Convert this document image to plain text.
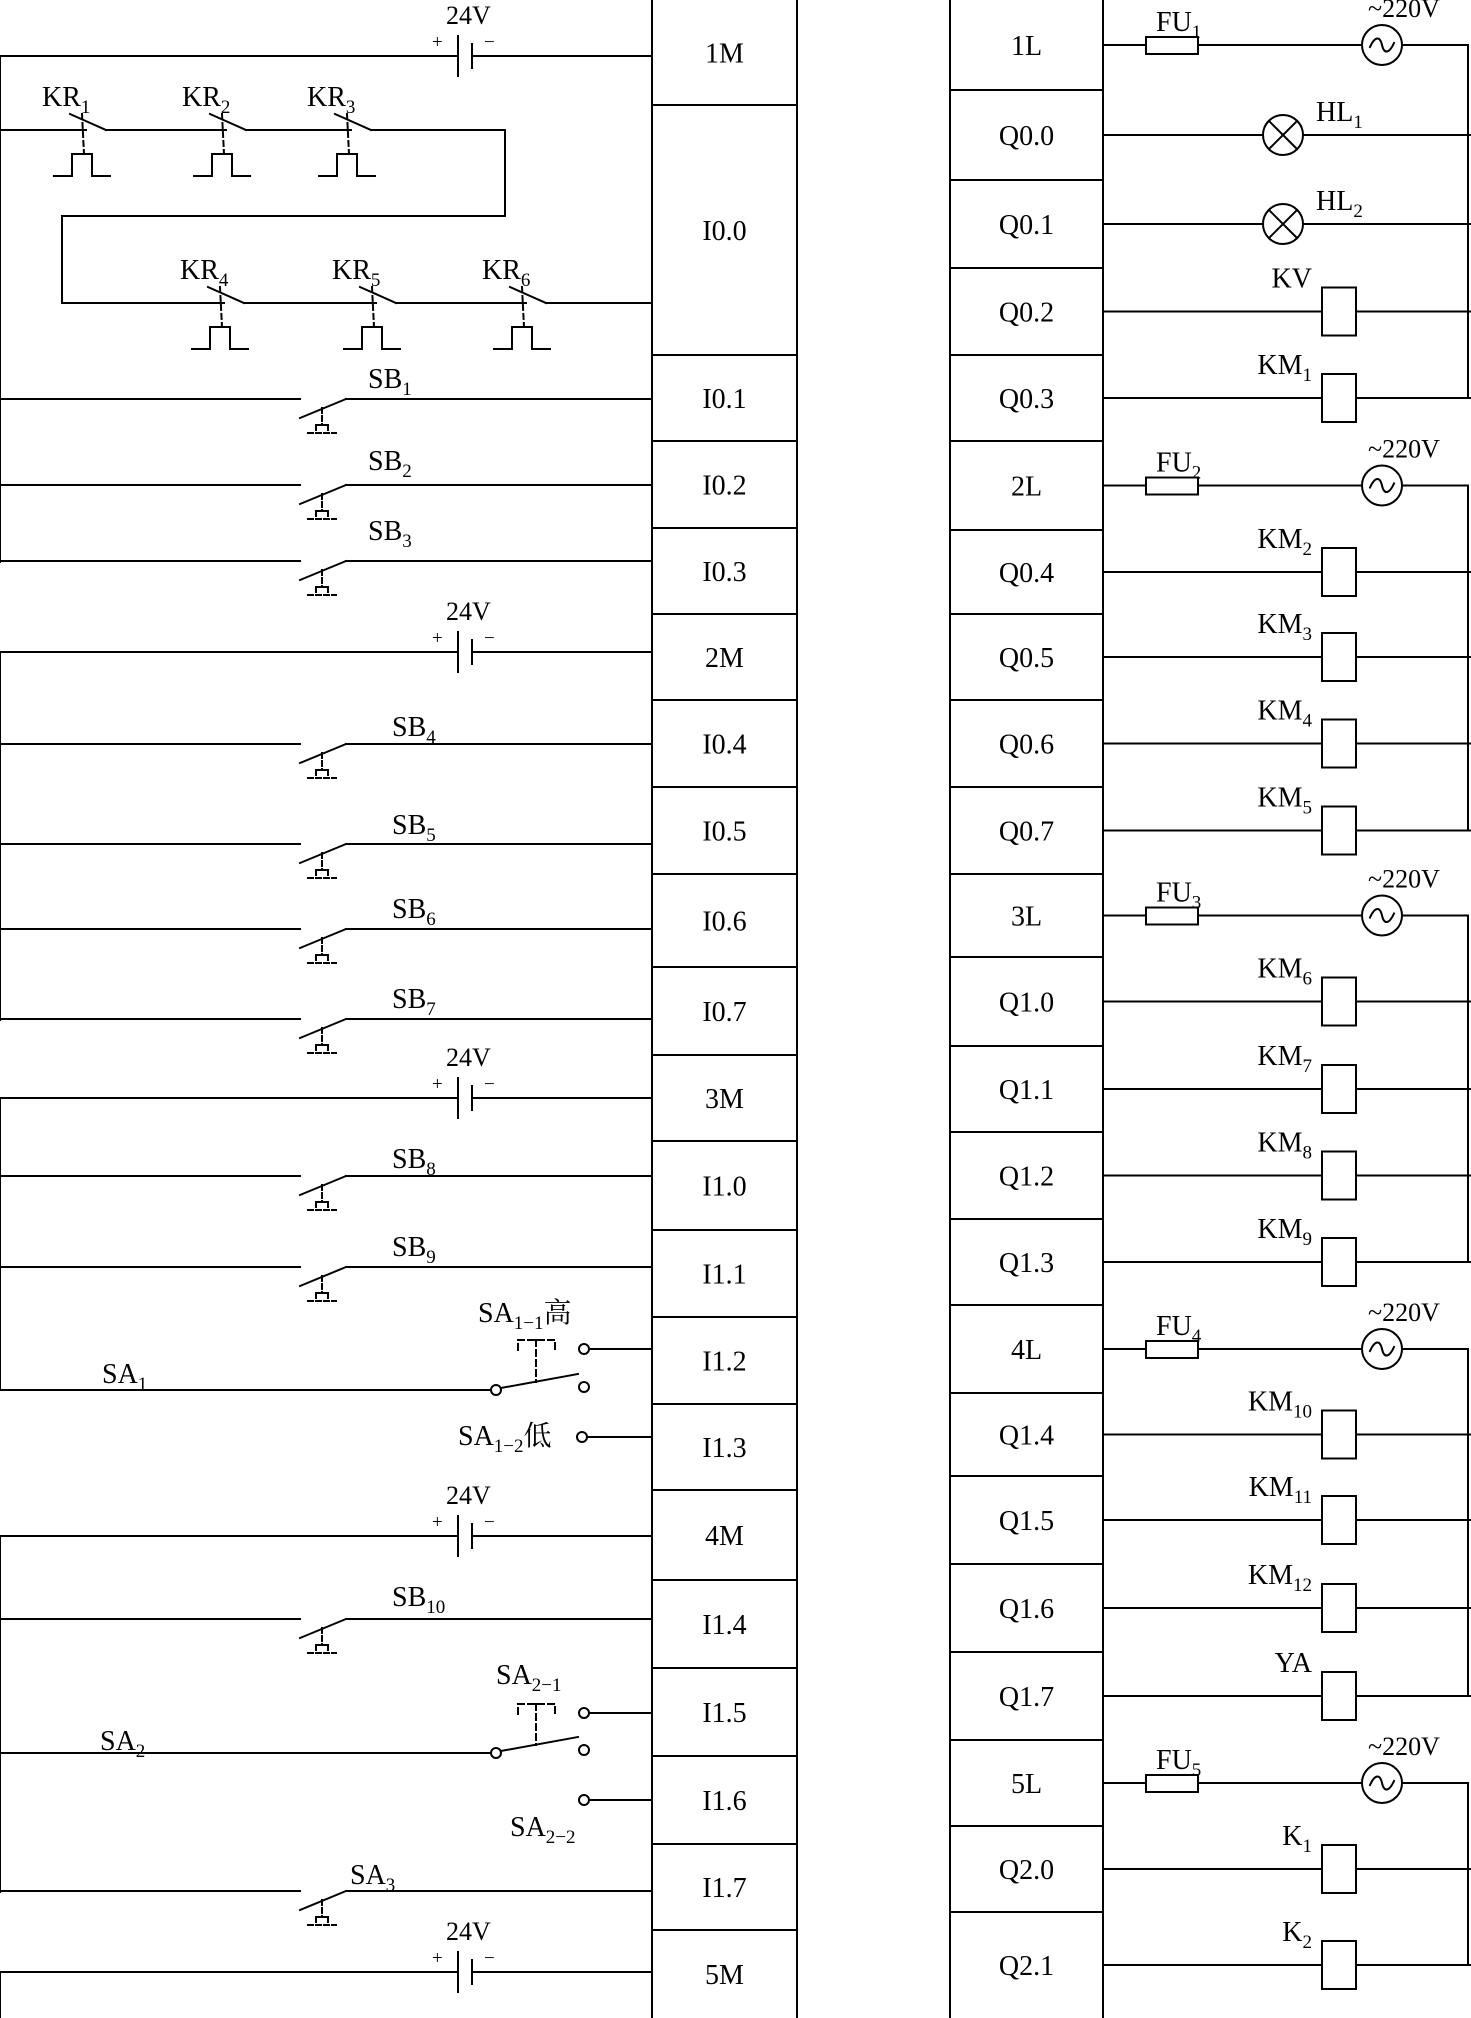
1M
I0.0
I0.1
I0.2
I0.3
2M
I0.4
I0.5
I0.6
I0.7
3M
I1.0
I1.1
I1.2
I1.3
4M
I1.4
I1.5
I1.6
I1.7
5M
1L
Q0.0
Q0.1
Q0.2
Q0.3
2L
Q0.4
Q0.5
Q0.6
Q0.7
3L
Q1.0
Q1.1
Q1.2
Q1.3
4L
Q1.4
Q1.5
Q1.6
Q1.7
5L
Q2.0
Q2.1
24V
+ −
$KR_1$	$KR_2$	$KR_3$
$KR_4$	$KR_5$	$KR_6$
$SB_1$
$SB_2$
$SB_3$
24V
+ −
$SB_4$
$SB_5$
$SB_6$
$SB_7$
24V
+ −
$SB_8$
$SB_9$
$SA_1$
$SA_{1-1}$高
$SA_{1-2}$低
24V
+ −
$SB_{10}$
$SA_2$
$SA_{2-1}$
$SA_{2-2}$
$SA_3$
24V
+ −
$FU_1$
~220V
$HL_1$
$HL_2$
KV
$KM_1$
$FU_2$
~220V
$KM_2$
$KM_3$
$KM_4$
$KM_5$
$FU_3$
~220V
$KM_6$
$KM_7$
$KM_8$
$KM_9$
$FU_4$
~220V
$KM_{10}$
$KM_{11}$
$KM_{12}$
YA
$FU_5$
~220V
$K_1$
$K_2$
